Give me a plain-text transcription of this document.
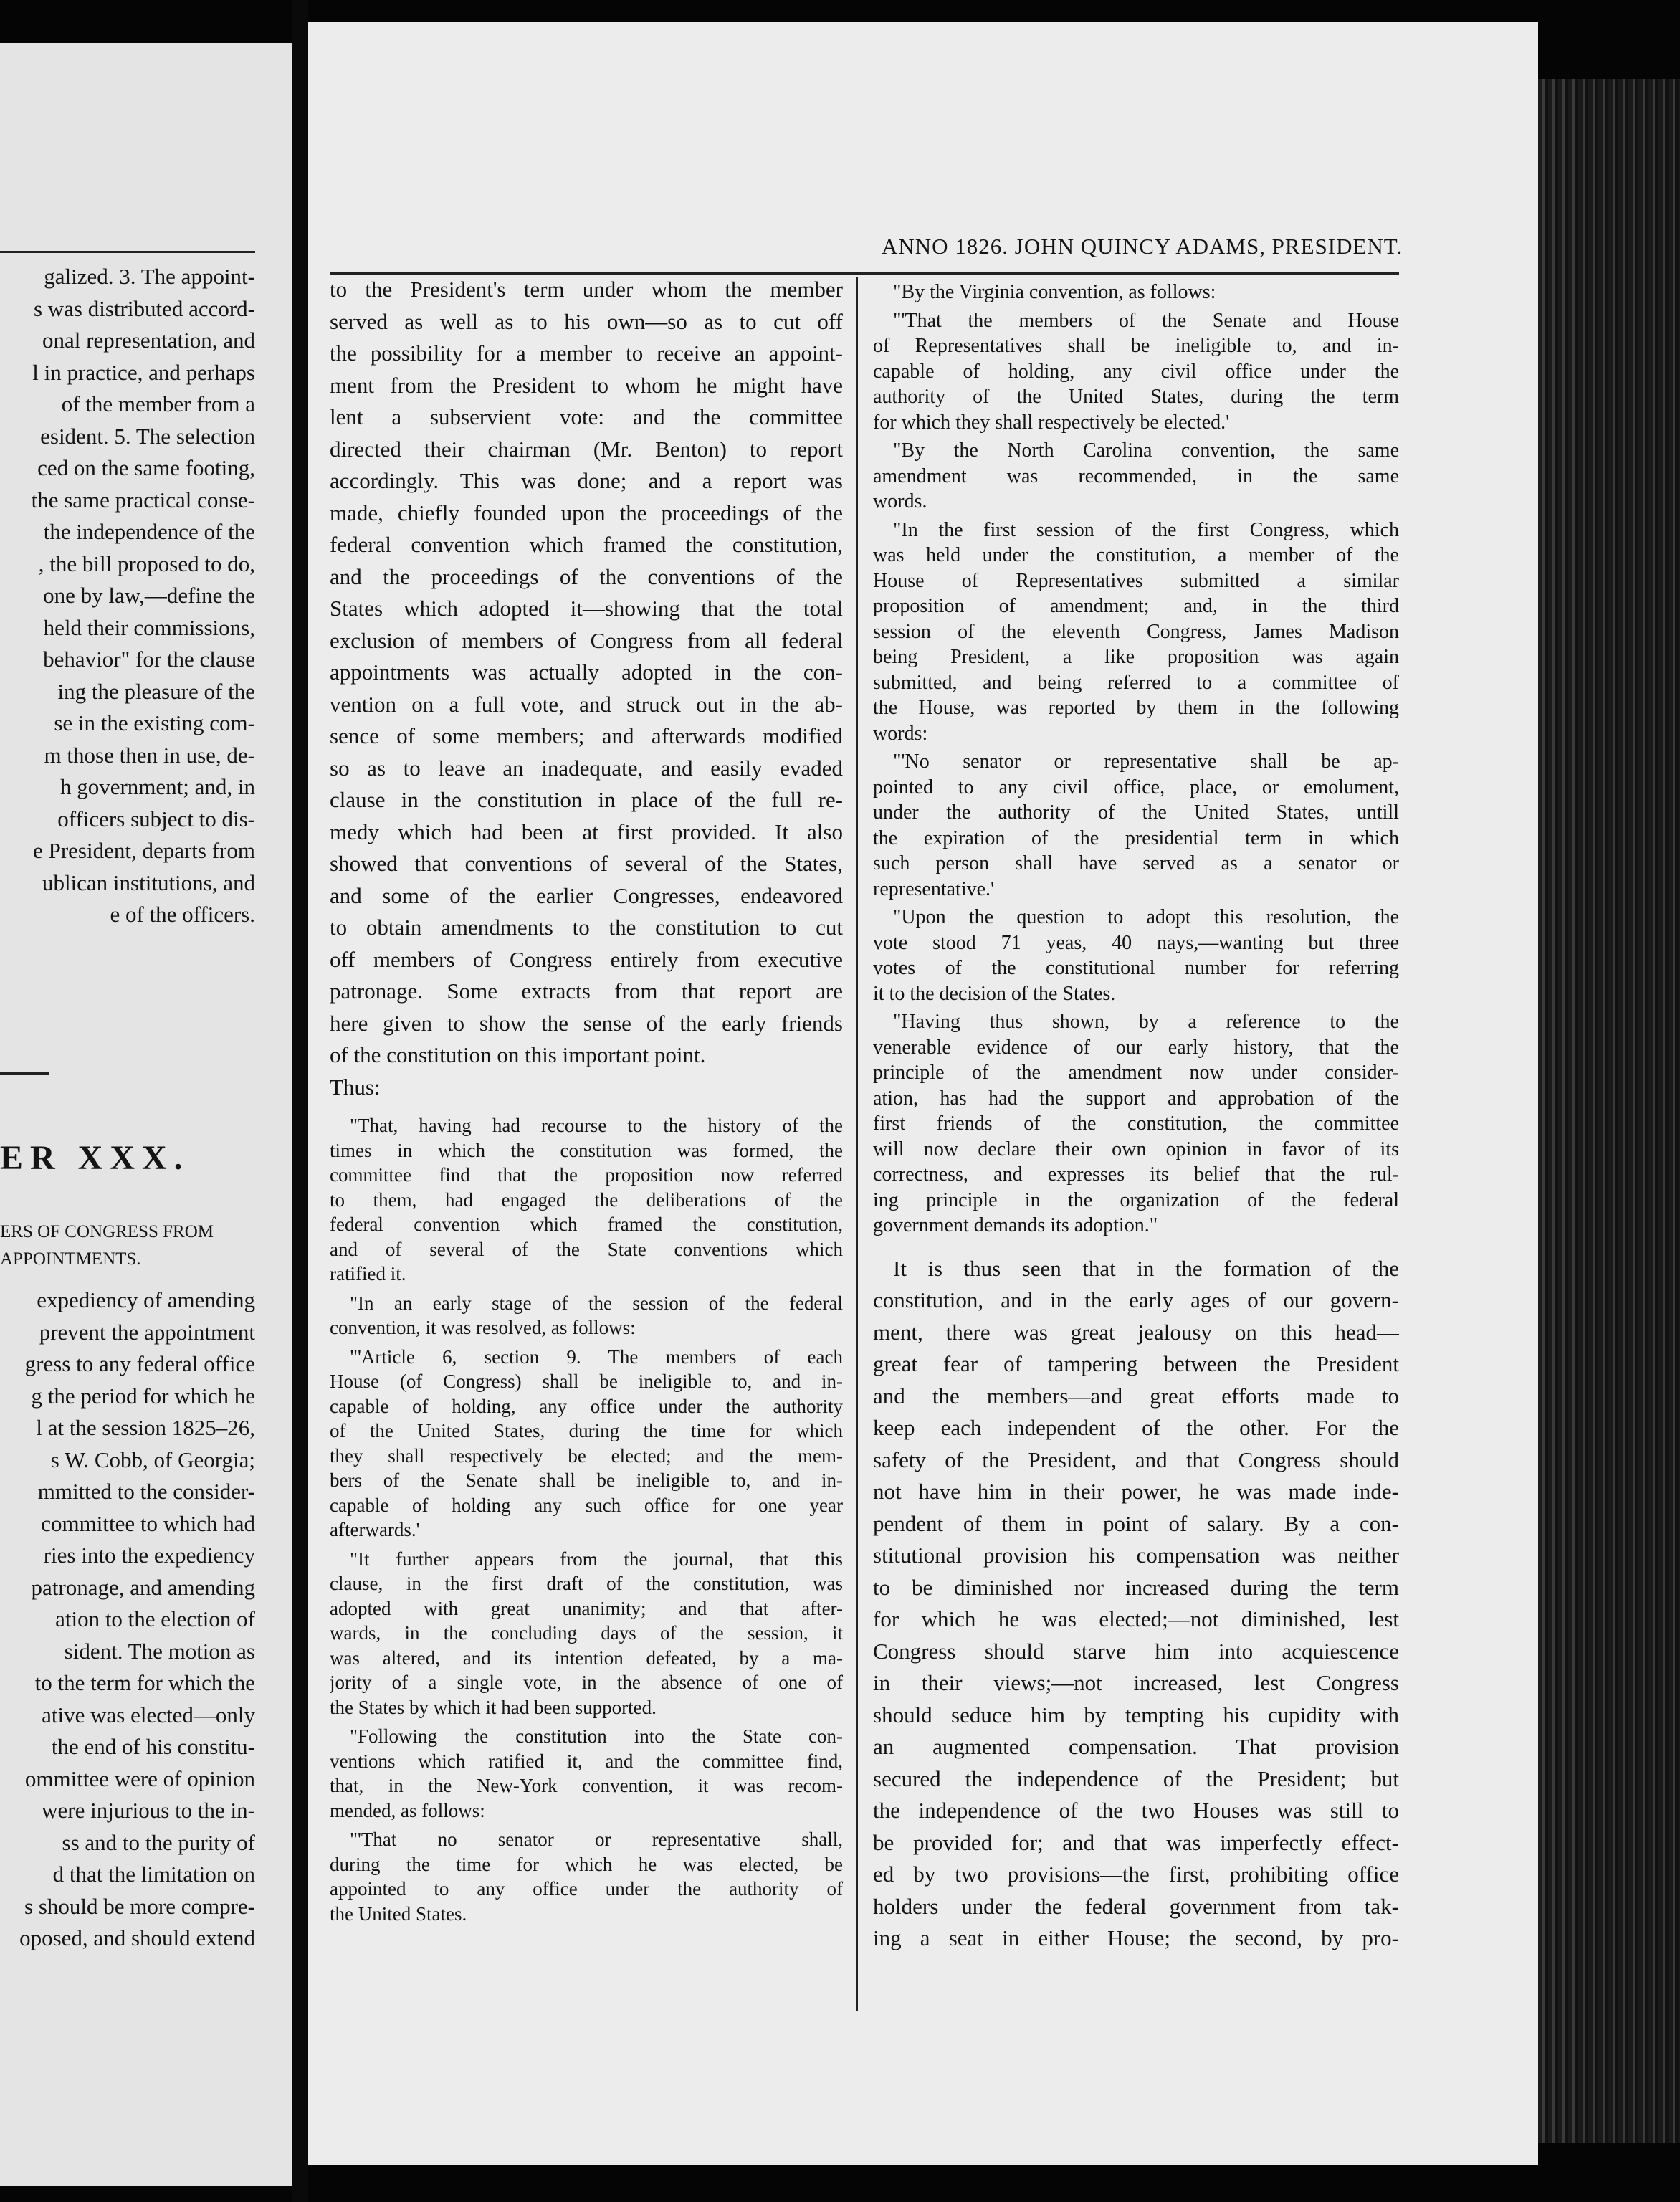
galized. 3. The appoint-
s was distributed accord-
onal representation, and
l in practice, and perhaps
of the member from a
esident. 5. The selection
ced on the same footing,
the same practical conse-
the independence of the
, the bill proposed to do,
one by law,—define the
held their commissions,
behavior" for the clause
ing the pleasure of the
se in the existing com-
m those then in use, de-
h government; and, in
officers subject to dis-
e President, departs from
ublican institutions, and
e of the officers.
ER XXX.
ERS OF CONGRESS FROM
APPOINTMENTS.
expediency of amending
prevent the appointment
gress to any federal office
g the period for which he
l at the session 1825–26,
s W. Cobb, of Georgia;
mmitted to the consider-
committee to which had
ries into the expediency
patronage, and amending
ation to the election of
sident. The motion as
to the term for which the
ative was elected—only
the end of his constitu-
ommittee were of opinion
were injurious to the in-
ss and to the purity of
d that the limitation on
s should be more compre-
oposed, and should extend
ANNO 1826. JOHN QUINCY ADAMS, PRESIDENT.
to the President's term under whom the member
served as well as to his own—so as to cut off
the possibility for a member to receive an appoint-
ment from the President to whom he might have
lent a subservient vote: and the committee
directed their chairman (Mr. Benton) to report
accordingly. This was done; and a report was
made, chiefly founded upon the proceedings of the
federal convention which framed the constitution,
and the proceedings of the conventions of the
States which adopted it—showing that the total
exclusion of members of Congress from all federal
appointments was actually adopted in the con-
vention on a full vote, and struck out in the ab-
sence of some members; and afterwards modified
so as to leave an inadequate, and easily evaded
clause in the constitution in place of the full re-
medy which had been at first provided. It also
showed that conventions of several of the States,
and some of the earlier Congresses, endeavored
to obtain amendments to the constitution to cut
off members of Congress entirely from executive
patronage. Some extracts from that report are
here given to show the sense of the early friends
of the constitution on this important point.
Thus:
"That, having had recourse to the history of the
times in which the constitution was formed, the
committee find that the proposition now referred
to them, had engaged the deliberations of the
federal convention which framed the constitution,
and of several of the State conventions which
ratified it.
"In an early stage of the session of the federal
convention, it was resolved, as follows:
"'Article 6, section 9. The members of each
House (of Congress) shall be ineligible to, and in-
capable of holding, any office under the authority
of the United States, during the time for which
they shall respectively be elected; and the mem-
bers of the Senate shall be ineligible to, and in-
capable of holding any such office for one year
afterwards.'
"It further appears from the journal, that this
clause, in the first draft of the constitution, was
adopted with great unanimity; and that after-
wards, in the concluding days of the session, it
was altered, and its intention defeated, by a ma-
jority of a single vote, in the absence of one of
the States by which it had been supported.
"Following the constitution into the State con-
ventions which ratified it, and the committee find,
that, in the New-York convention, it was recom-
mended, as follows:
"'That no senator or representative shall,
during the time for which he was elected, be
appointed to any office under the authority of
the United States.
"By the Virginia convention, as follows:
"'That the members of the Senate and House
of Representatives shall be ineligible to, and in-
capable of holding, any civil office under the
authority of the United States, during the term
for which they shall respectively be elected.'
"By the North Carolina convention, the same
amendment was recommended, in the same
words.
"In the first session of the first Congress, which
was held under the constitution, a member of the
House of Representatives submitted a similar
proposition of amendment; and, in the third
session of the eleventh Congress, James Madison
being President, a like proposition was again
submitted, and being referred to a committee of
the House, was reported by them in the following
words:
"'No senator or representative shall be ap-
pointed to any civil office, place, or emolument,
under the authority of the United States, untill
the expiration of the presidential term in which
such person shall have served as a senator or
representative.'
"Upon the question to adopt this resolution, the
vote stood 71 yeas, 40 nays,—wanting but three
votes of the constitutional number for referring
it to the decision of the States.
"Having thus shown, by a reference to the
venerable evidence of our early history, that the
principle of the amendment now under consider-
ation, has had the support and approbation of the
first friends of the constitution, the committee
will now declare their own opinion in favor of its
correctness, and expresses its belief that the rul-
ing principle in the organization of the federal
government demands its adoption."
It is thus seen that in the formation of the
constitution, and in the early ages of our govern-
ment, there was great jealousy on this head—
great fear of tampering between the President
and the members—and great efforts made to
keep each independent of the other. For the
safety of the President, and that Congress should
not have him in their power, he was made inde-
pendent of them in point of salary. By a con-
stitutional provision his compensation was neither
to be diminished nor increased during the term
for which he was elected;—not diminished, lest
Congress should starve him into acquiescence
in their views;—not increased, lest Congress
should seduce him by tempting his cupidity with
an augmented compensation. That provision
secured the independence of the President; but
the independence of the two Houses was still to
be provided for; and that was imperfectly effect-
ed by two provisions—the first, prohibiting office
holders under the federal government from tak-
ing a seat in either House; the second, by pro-
